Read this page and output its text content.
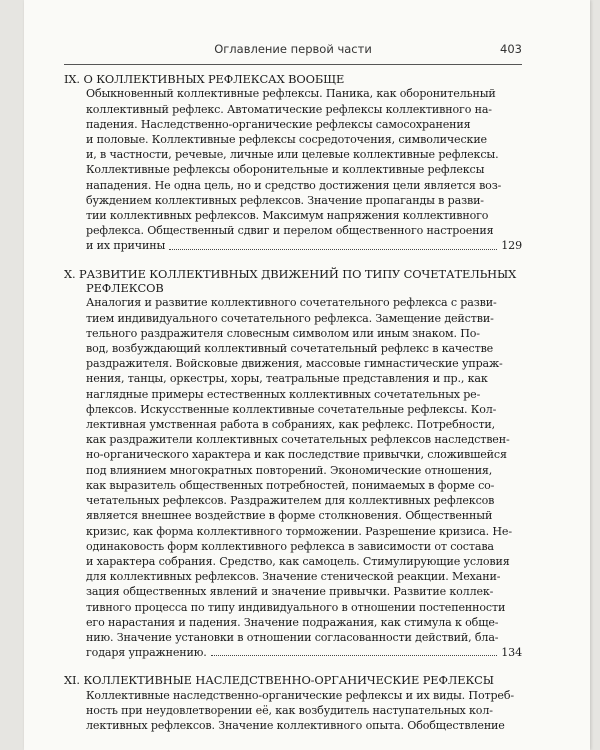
Оглавление первой части	403
IX. О КОЛЛЕКТИВНЫХ РЕФЛЕКСАХ ВООБЩЕ
Обыкновенный коллективные рефлексы. Паника, как оборонительный
коллективный рефлекс. Автоматические рефлексы коллективного на-
падения. Наследственно-органические рефлексы самосохранения
и половые. Коллективные рефлексы сосредоточения, символические
и, в частности, речевые, личные или целевые коллективные рефлексы.
Коллективные рефлексы оборонительные и коллективные рефлексы
нападения. Не одна цель, но и средство достижения цели является воз-
буждением коллективных рефлексов. Значение пропаганды в разви-
тии коллективных рефлексов. Максимум напряжения коллективного
рефлекса. Общественный сдвиг и перелом общественного настроения
и их причины	129
X. РАЗВИТИЕ КОЛЛЕКТИВНЫХ ДВИЖЕНИЙ ПО ТИПУ СОЧЕТАТЕЛЬНЫХ
РЕФЛЕКСОВ
Аналогия и развитие коллективного сочетательного рефлекса с разви-
тием индивидуального сочетательного рефлекса. Замещение действи-
тельного раздражителя словесным символом или иным знаком. По-
вод, возбуждающий коллективный сочетательный рефлекс в качестве
раздражителя. Войсковые движения, массовые гимнастические упраж-
нения, танцы, оркестры, хоры, театральные представления и пр., как
наглядные примеры естественных коллективных сочетательных ре-
флексов. Искусственные коллективные сочетательные рефлексы. Кол-
лективная умственная работа в собраниях, как рефлекс. Потребности,
как раздражители коллективных сочетательных рефлексов наследствен-
но-органического характера и как последствие привычки, сложившейся
под влиянием многократных повторений. Экономические отношения,
как выразитель общественных потребностей, понимаемых в форме со-
четательных рефлексов. Раздражителем для коллективных рефлексов
является внешнее воздействие в форме столкновения. Общественный
кризис, как форма коллективного торможении. Разрешение кризиса. Не-
одинаковость форм коллективного рефлекса в зависимости от состава
и характера собрания. Средство, как самоцель. Стимулирующие условия
для коллективных рефлексов. Значение стенической реакции. Механи-
зация общественных явлений и значение привычки. Развитие коллек-
тивного процесса по типу индивидуального в отношении постепенности
его нарастания и падения. Значение подражания, как стимула к обще-
нию. Значение установки в отношении согласованности действий, бла-
годаря упражнению.	134
XI. КОЛЛЕКТИВНЫЕ НАСЛЕДСТВЕННО-ОРГАНИЧЕСКИЕ РЕФЛЕКСЫ
Коллективные наследственно-органические рефлексы и их виды. Потреб-
ность при неудовлетворении её, как возбудитель наступательных кол-
лективных рефлексов. Значение коллективного опыта. Обобществление
